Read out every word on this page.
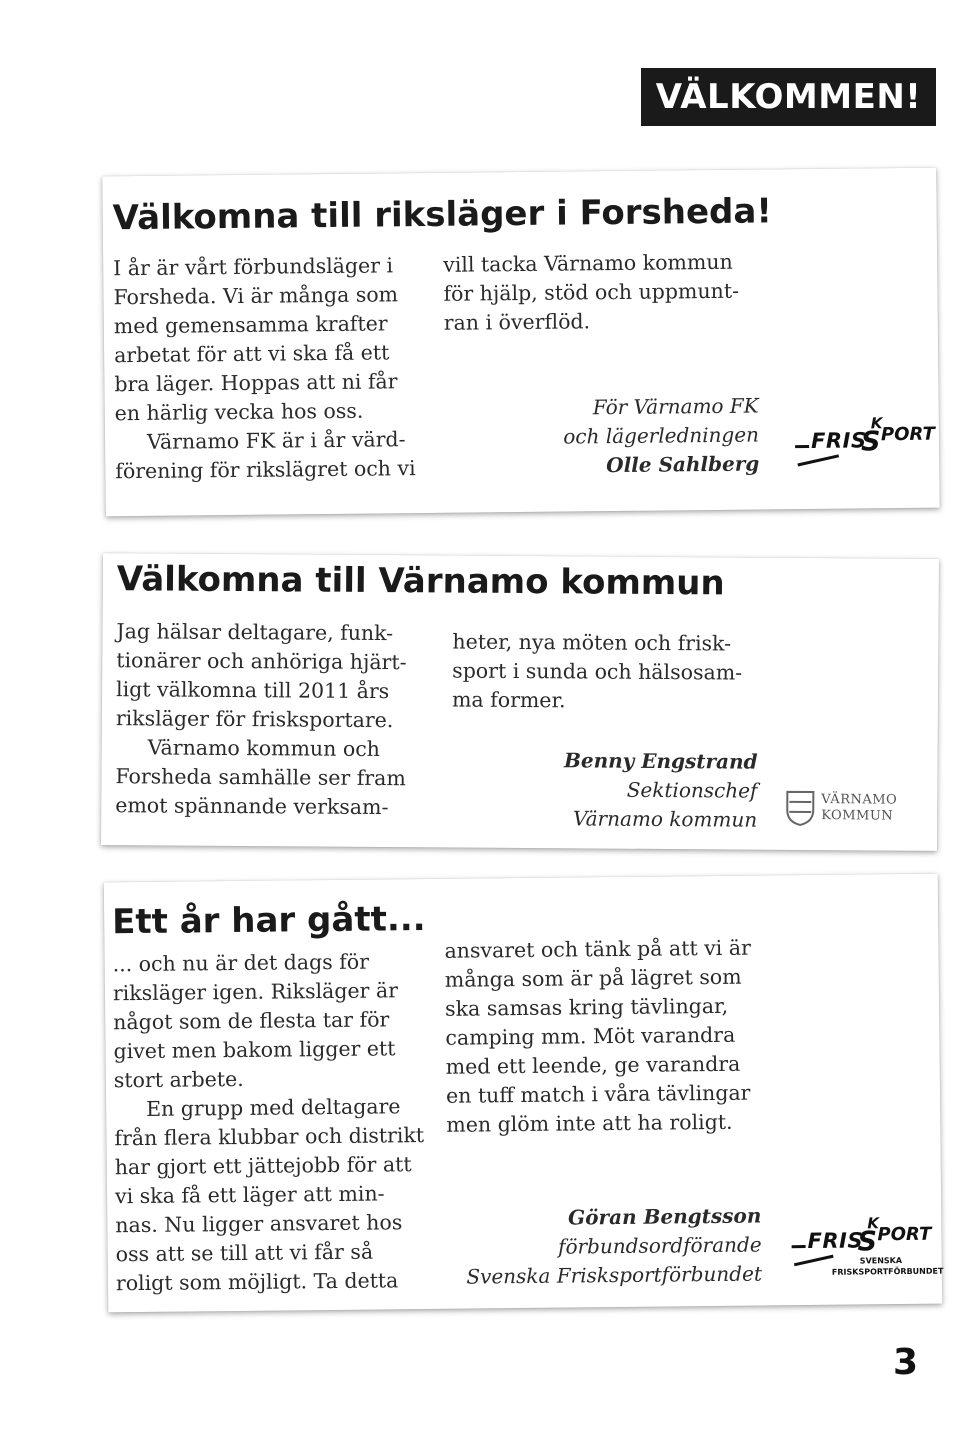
VÄLKOMMEN!
Välkomna till riksläger i Forsheda!
I år är vårt förbundsläger i
Forsheda. Vi är många som
med gemensamma krafter
arbetat för att vi ska få ett
bra läger. Hoppas att ni får
en härlig vecka hos oss.
Värnamo FK är i år värd-
förening för rikslägret och vi
vill tacka Värnamo kommun
för hjälp, stöd och uppmunt-
ran i överflöd.
För Värnamo FK
och lägerledningen
Olle Sahlberg
FRIS
K
S PORT
Välkomna till Värnamo kommun
Jag hälsar deltagare, funk-
tionärer och anhöriga hjärt-
ligt välkomna till 2011 års
riksläger för frisksportare.
Värnamo kommun och
Forsheda samhälle ser fram
emot spännande verksam-
heter, nya möten och frisk-
sport i sunda och hälsosam-
ma former.
Benny Engstrand
Sektionschef
Värnamo kommun
VÄRNAMO
KOMMUN
Ett år har gått...
... och nu är det dags för
riksläger igen. Riksläger är
något som de flesta tar för
givet men bakom ligger ett
stort arbete.
En grupp med deltagare
från flera klubbar och distrikt
har gjort ett jättejobb för att
vi ska få ett läger att min-
nas. Nu ligger ansvaret hos
oss att se till att vi får så
roligt som möjligt. Ta detta
ansvaret och tänk på att vi är
många som är på lägret som
ska samsas kring tävlingar,
camping mm. Möt varandra
med ett leende, ge varandra
en tuff match i våra tävlingar
men glöm inte att ha roligt.
Göran Bengtsson
förbundsordförande
Svenska Frisksportförbundet
FRIS
K
S PORT
SVENSKA
FRISKSPORTFÖRBUNDET
3
